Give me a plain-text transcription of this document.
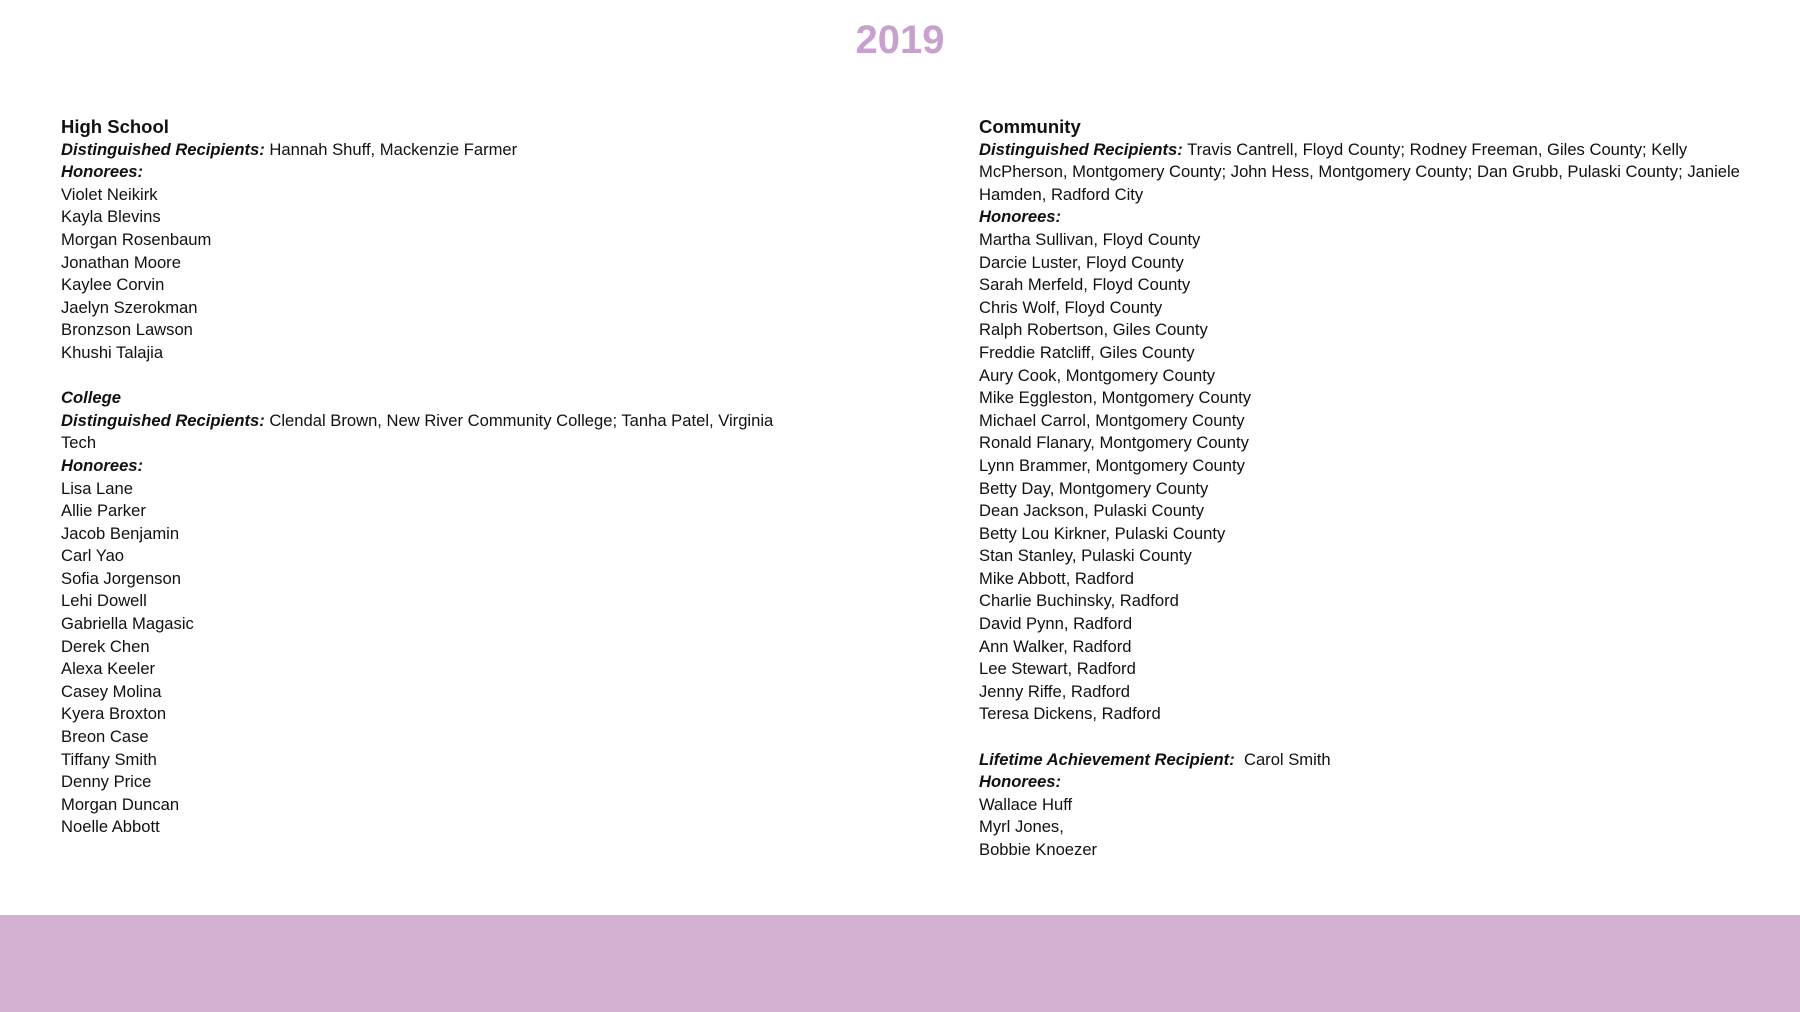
2019
High School
Distinguished Recipients: Hannah Shuff, Mackenzie Farmer
Honorees:
Violet Neikirk
Kayla Blevins
Morgan Rosenbaum
Jonathan Moore
Kaylee Corvin
Jaelyn Szerokman
Bronzson Lawson
Khushi Talajia
College
Distinguished Recipients: Clendal Brown, New River Community College; Tanha Patel, Virginia
Tech
Honorees:
Lisa Lane
Allie Parker
Jacob Benjamin
Carl Yao
Sofia Jorgenson
Lehi Dowell
Gabriella Magasic
Derek Chen
Alexa Keeler
Casey Molina
Kyera Broxton
Breon Case
Tiffany Smith
Denny Price
Morgan Duncan
Noelle Abbott
Community
Distinguished Recipients: Travis Cantrell, Floyd County; Rodney Freeman, Giles County; Kelly
McPherson, Montgomery County; John Hess, Montgomery County; Dan Grubb, Pulaski County; Janiele
Hamden, Radford City
Honorees:
Martha Sullivan, Floyd County
Darcie Luster, Floyd County
Sarah Merfeld, Floyd County
Chris Wolf, Floyd County
Ralph Robertson, Giles County
Freddie Ratcliff, Giles County
Aury Cook, Montgomery County
Mike Eggleston, Montgomery County
Michael Carrol, Montgomery County
Ronald Flanary, Montgomery County
Lynn Brammer, Montgomery County
Betty Day, Montgomery County
Dean Jackson, Pulaski County
Betty Lou Kirkner, Pulaski County
Stan Stanley, Pulaski County
Mike Abbott, Radford
Charlie Buchinsky, Radford
David Pynn, Radford
Ann Walker, Radford
Lee Stewart, Radford
Jenny Riffe, Radford
Teresa Dickens, Radford
Lifetime Achievement Recipient:  Carol Smith
Honorees:
Wallace Huff
Myrl Jones,
Bobbie Knoezer
